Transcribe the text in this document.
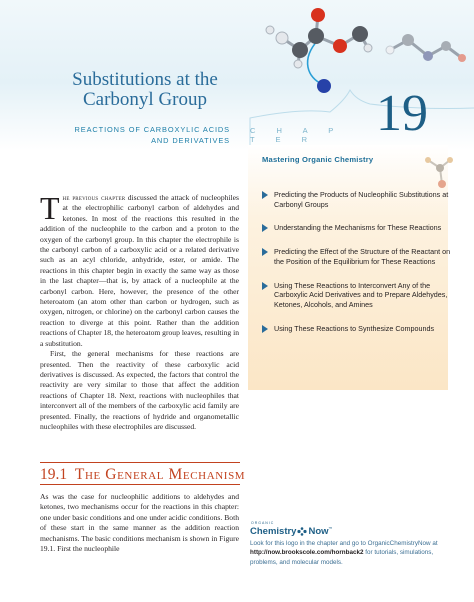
Substitutions at the
Carbonyl Group
REACTIONS OF CARBOXYLIC ACIDS
AND DERIVATIVES
C H A P T E R	19
Mastering Organic Chemistry
Predicting the Products of Nucleophilic Substitutions at Carbonyl Groups
Understanding the Mechanisms for These Reactions
Predicting the Effect of the Structure of the Reactant on the Position of the Equilibrium for These Reactions
Using These Reactions to Interconvert Any of the Carboxylic Acid Derivatives and to Prepare Aldehydes, Ketones, Alcohols, and Amines
Using These Reactions to Synthesize Compounds

The previous chapter discussed the attack of nucleophiles at the electrophilic carbonyl carbon of aldehydes and ketones. In most of the reactions this resulted in the addition of the nucleophile to the carbon and a proton to the oxygen of the carbonyl group. In this chapter the electrophile is the carbonyl carbon of a carboxylic acid or a related derivative such as an acyl chloride, anhydride, ester, or amide. The reactions in this chapter begin in exactly the same way as those in the last chapter—that is, by attack of a nucleophile at the carbonyl carbon. Here, however, the presence of the other heteroatom (an atom other than carbon or hydrogen, such as oxygen, nitrogen, or chlorine) on the carbonyl carbon causes the reaction to diverge at this point. Rather than the addition reactions of Chapter 18, the heteroatom group leaves, resulting in a substitution.

First, the general mechanisms for these reactions are presented. Then the reactivity of these carboxylic acid derivatives is discussed. As expected, the factors that control the reactivity are very similar to those that affect the addition reactions of Chapter 18. Next, reactions with nucleophiles that interconvert all of the members of the carboxylic acid family are presented. Finally, the reactions of hydride and organometallic nucleophiles with these electrophiles are discussed.

19.1 The General Mechanism

As was the case for nucleophilic additions to aldehydes and ketones, two mechanisms occur for the reactions in this chapter: one under basic conditions and one under acidic conditions. Both of these start in the same manner as the addition reaction mechanisms. The basic conditions mechanism is shown in Figure 19.1. First the nucleophile

ORGANIC
Chemistry Now™

Look for this logo in the chapter and go to OrganicChemistryNow at http://now.brookscole.com/hornback2 for tutorials, simulations, problems, and molecular models.
